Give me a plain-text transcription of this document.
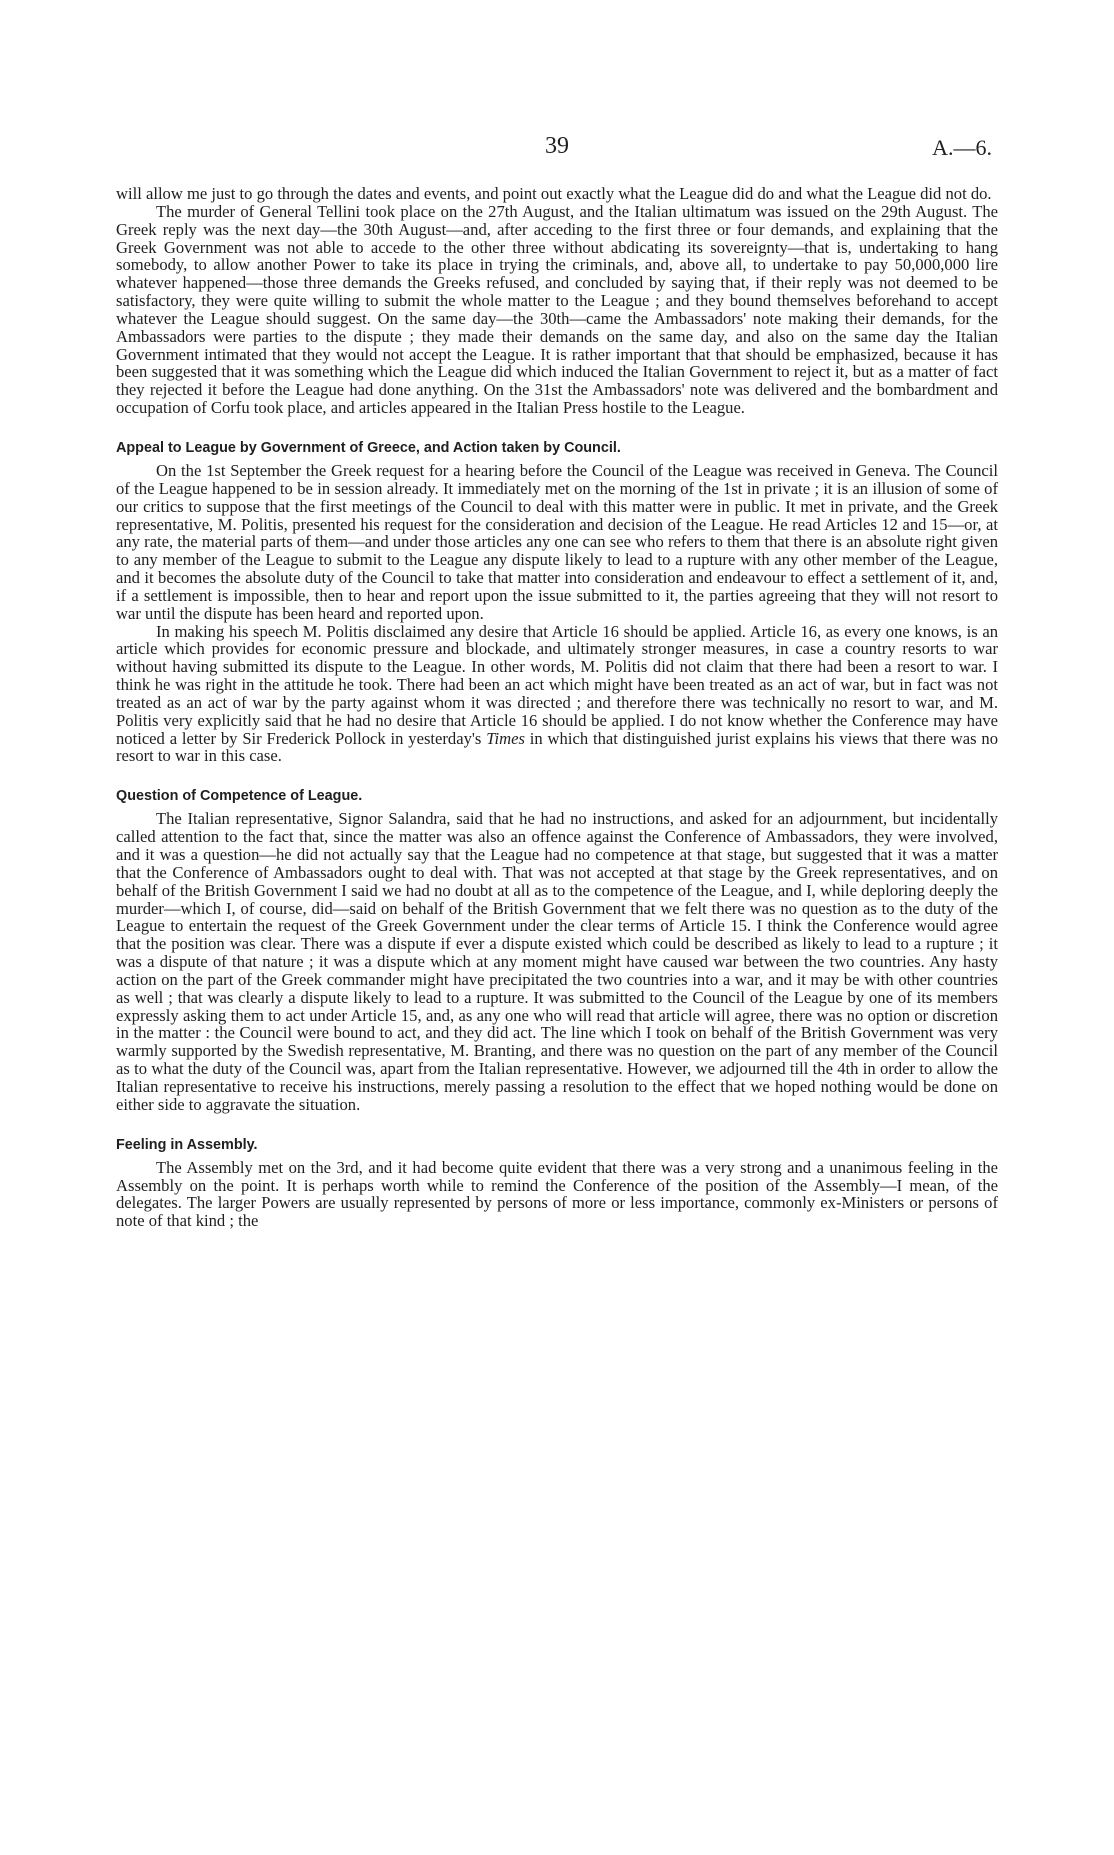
39	A.—6.

will allow me just to go through the dates and events, and point out exactly what the League did do and what the League did not do.

The murder of General Tellini took place on the 27th August, and the Italian ultimatum was issued on the 29th August. The Greek reply was the next day—the 30th August—and, after acceding to the first three or four demands, and explaining that the Greek Government was not able to accede to the other three without abdicating its sovereignty—that is, undertaking to hang somebody, to allow another Power to take its place in trying the criminals, and, above all, to undertake to pay 50,000,000 lire whatever happened—those three demands the Greeks refused, and concluded by saying that, if their reply was not deemed to be satisfactory, they were quite willing to submit the whole matter to the League ; and they bound themselves beforehand to accept whatever the League should suggest. On the same day—the 30th—came the Ambassadors' note making their demands, for the Ambassadors were parties to the dispute ; they made their demands on the same day, and also on the same day the Italian Government intimated that they would not accept the League. It is rather important that that should be emphasized, because it has been suggested that it was something which the League did which induced the Italian Government to reject it, but as a matter of fact they rejected it before the League had done anything. On the 31st the Ambassadors' note was delivered and the bombardment and occupation of Corfu took place, and articles appeared in the Italian Press hostile to the League.

Appeal to League by Government of Greece, and Action taken by Council.

On the 1st September the Greek request for a hearing before the Council of the League was received in Geneva. The Council of the League happened to be in session already. It immediately met on the morning of the 1st in private ; it is an illusion of some of our critics to suppose that the first meetings of the Council to deal with this matter were in public. It met in private, and the Greek representative, M. Politis, presented his request for the consideration and decision of the League. He read Articles 12 and 15—or, at any rate, the material parts of them—and under those articles any one can see who refers to them that there is an absolute right given to any member of the League to submit to the League any dispute likely to lead to a rupture with any other member of the League, and it becomes the absolute duty of the Council to take that matter into consideration and endeavour to effect a settlement of it, and, if a settlement is impossible, then to hear and report upon the issue submitted to it, the parties agreeing that they will not resort to war until the dispute has been heard and reported upon.

In making his speech M. Politis disclaimed any desire that Article 16 should be applied. Article 16, as every one knows, is an article which provides for economic pressure and blockade, and ultimately stronger measures, in case a country resorts to war without having submitted its dispute to the League. In other words, M. Politis did not claim that there had been a resort to war. I think he was right in the attitude he took. There had been an act which might have been treated as an act of war, but in fact was not treated as an act of war by the party against whom it was directed ; and therefore there was technically no resort to war, and M. Politis very explicitly said that he had no desire that Article 16 should be applied. I do not know whether the Conference may have noticed a letter by Sir Frederick Pollock in yesterday's Times in which that distinguished jurist explains his views that there was no resort to war in this case.

Question of Competence of League.

The Italian representative, Signor Salandra, said that he had no instructions, and asked for an adjournment, but incidentally called attention to the fact that, since the matter was also an offence against the Conference of Ambassadors, they were involved, and it was a question—he did not actually say that the League had no competence at that stage, but suggested that it was a matter that the Conference of Ambassadors ought to deal with. That was not accepted at that stage by the Greek representatives, and on behalf of the British Government I said we had no doubt at all as to the competence of the League, and I, while deploring deeply the murder—which I, of course, did—said on behalf of the British Government that we felt there was no question as to the duty of the League to entertain the request of the Greek Government under the clear terms of Article 15. I think the Conference would agree that the position was clear. There was a dispute if ever a dispute existed which could be described as likely to lead to a rupture ; it was a dispute of that nature ; it was a dispute which at any moment might have caused war between the two countries. Any hasty action on the part of the Greek commander might have precipitated the two countries into a war, and it may be with other countries as well ; that was clearly a dispute likely to lead to a rupture. It was submitted to the Council of the League by one of its members expressly asking them to act under Article 15, and, as any one who will read that article will agree, there was no option or discretion in the matter : the Council were bound to act, and they did act. The line which I took on behalf of the British Government was very warmly supported by the Swedish representative, M. Branting, and there was no question on the part of any member of the Council as to what the duty of the Council was, apart from the Italian representative. However, we adjourned till the 4th in order to allow the Italian representative to receive his instructions, merely passing a resolution to the effect that we hoped nothing would be done on either side to aggravate the situation.

Feeling in Assembly.

The Assembly met on the 3rd, and it had become quite evident that there was a very strong and a unanimous feeling in the Assembly on the point. It is perhaps worth while to remind the Conference of the position of the Assembly—I mean, of the delegates. The larger Powers are usually represented by persons of more or less importance, commonly ex-Ministers or persons of note of that kind ; the
